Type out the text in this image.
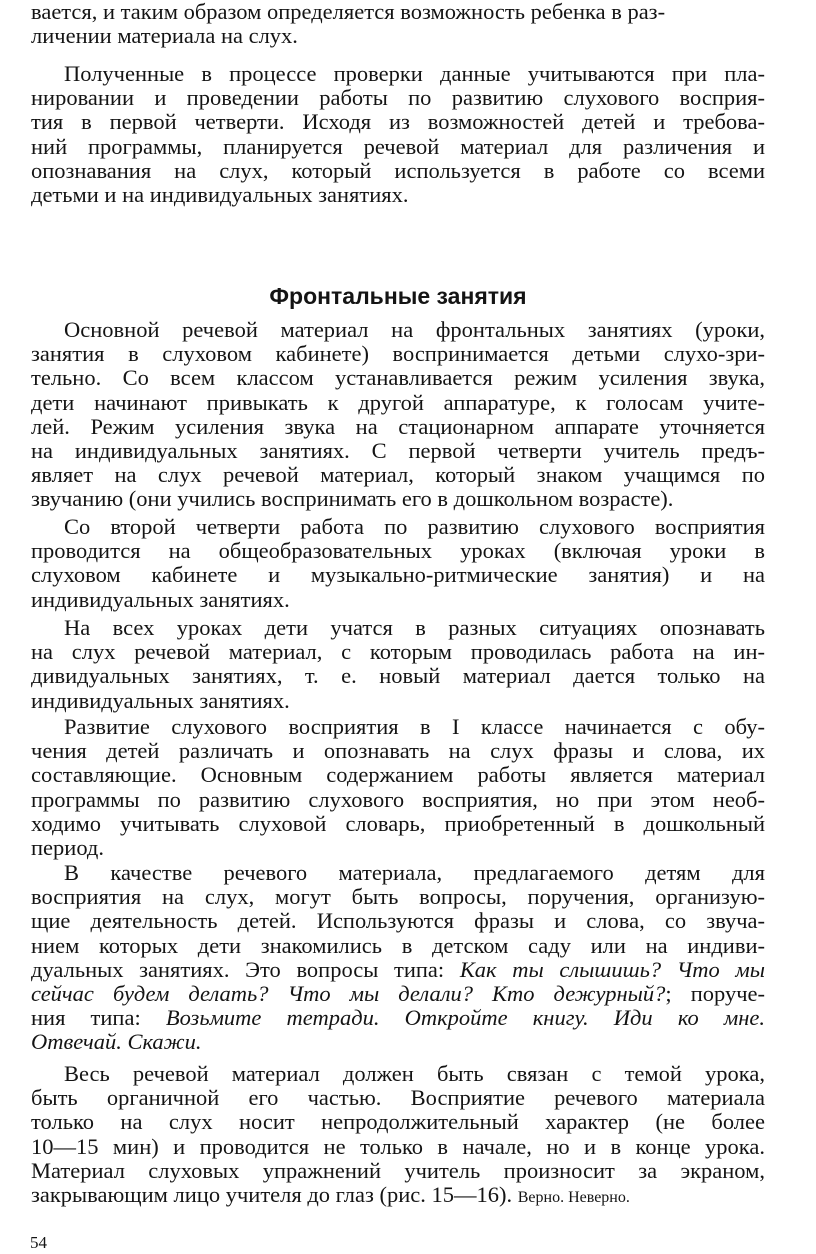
вается, и таким образом определяется возможность ребенка в раз-
личении материала на слух.
Полученные в процессе проверки данные учитываются при пла-
нировании и проведении работы по развитию слухового восприя-
тия в первой четверти. Исходя из возможностей детей и требова-
ний программы, планируется речевой материал для различения и
опознавания на слух, который используется в работе со всеми
детьми и на индивидуальных занятиях.
Фронтальные занятия
Основной речевой материал на фронтальных занятиях (уроки,
занятия в слуховом кабинете) воспринимается детьми слухо-зри-
тельно. Со всем классом устанавливается режим усиления звука,
дети начинают привыкать к другой аппаратуре, к голосам учите-
лей. Режим усиления звука на стационарном аппарате уточняется
на индивидуальных занятиях. С первой четверти учитель предъ-
являет на слух речевой материал, который знаком учащимся по
звучанию (они учились воспринимать его в дошкольном возрасте).
Со второй четверти работа по развитию слухового восприятия
проводится на общеобразовательных уроках (включая уроки в
слуховом кабинете и музыкально-ритмические занятия) и на
индивидуальных занятиях.
На всех уроках дети учатся в разных ситуациях опознавать
на слух речевой материал, с которым проводилась работа на ин-
дивидуальных занятиях, т. е. новый материал дается только на
индивидуальных занятиях.
Развитие слухового восприятия в I классе начинается с обу-
чения детей различать и опознавать на слух фразы и слова, их
составляющие. Основным содержанием работы является материал
программы по развитию слухового восприятия, но при этом необ-
ходимо учитывать слуховой словарь, приобретенный в дошкольный
период.
В качестве речевого материала, предлагаемого детям для
восприятия на слух, могут быть вопросы, поручения, организую-
щие деятельность детей. Используются фразы и слова, со звуча-
нием которых дети знакомились в детском саду или на индиви-
дуальных занятиях. Это вопросы типа: Как ты слышишь? Что мы
сейчас будем делать? Что мы делали? Кто дежурный?; поруче-
ния типа: Возьмите тетради. Откройте книгу. Иди ко мне.
Отвечай. Скажи.
Весь речевой материал должен быть связан с темой урока,
быть органичной его частью. Восприятие речевого материала
только на слух носит непродолжительный характер (не более
10—15 мин) и проводится не только в начале, но и в конце урока.
Материал слуховых упражнений учитель произносит за экраном,
закрывающим лицо учителя до глаз (рис. 15—16). Верно. Неверно.
54
